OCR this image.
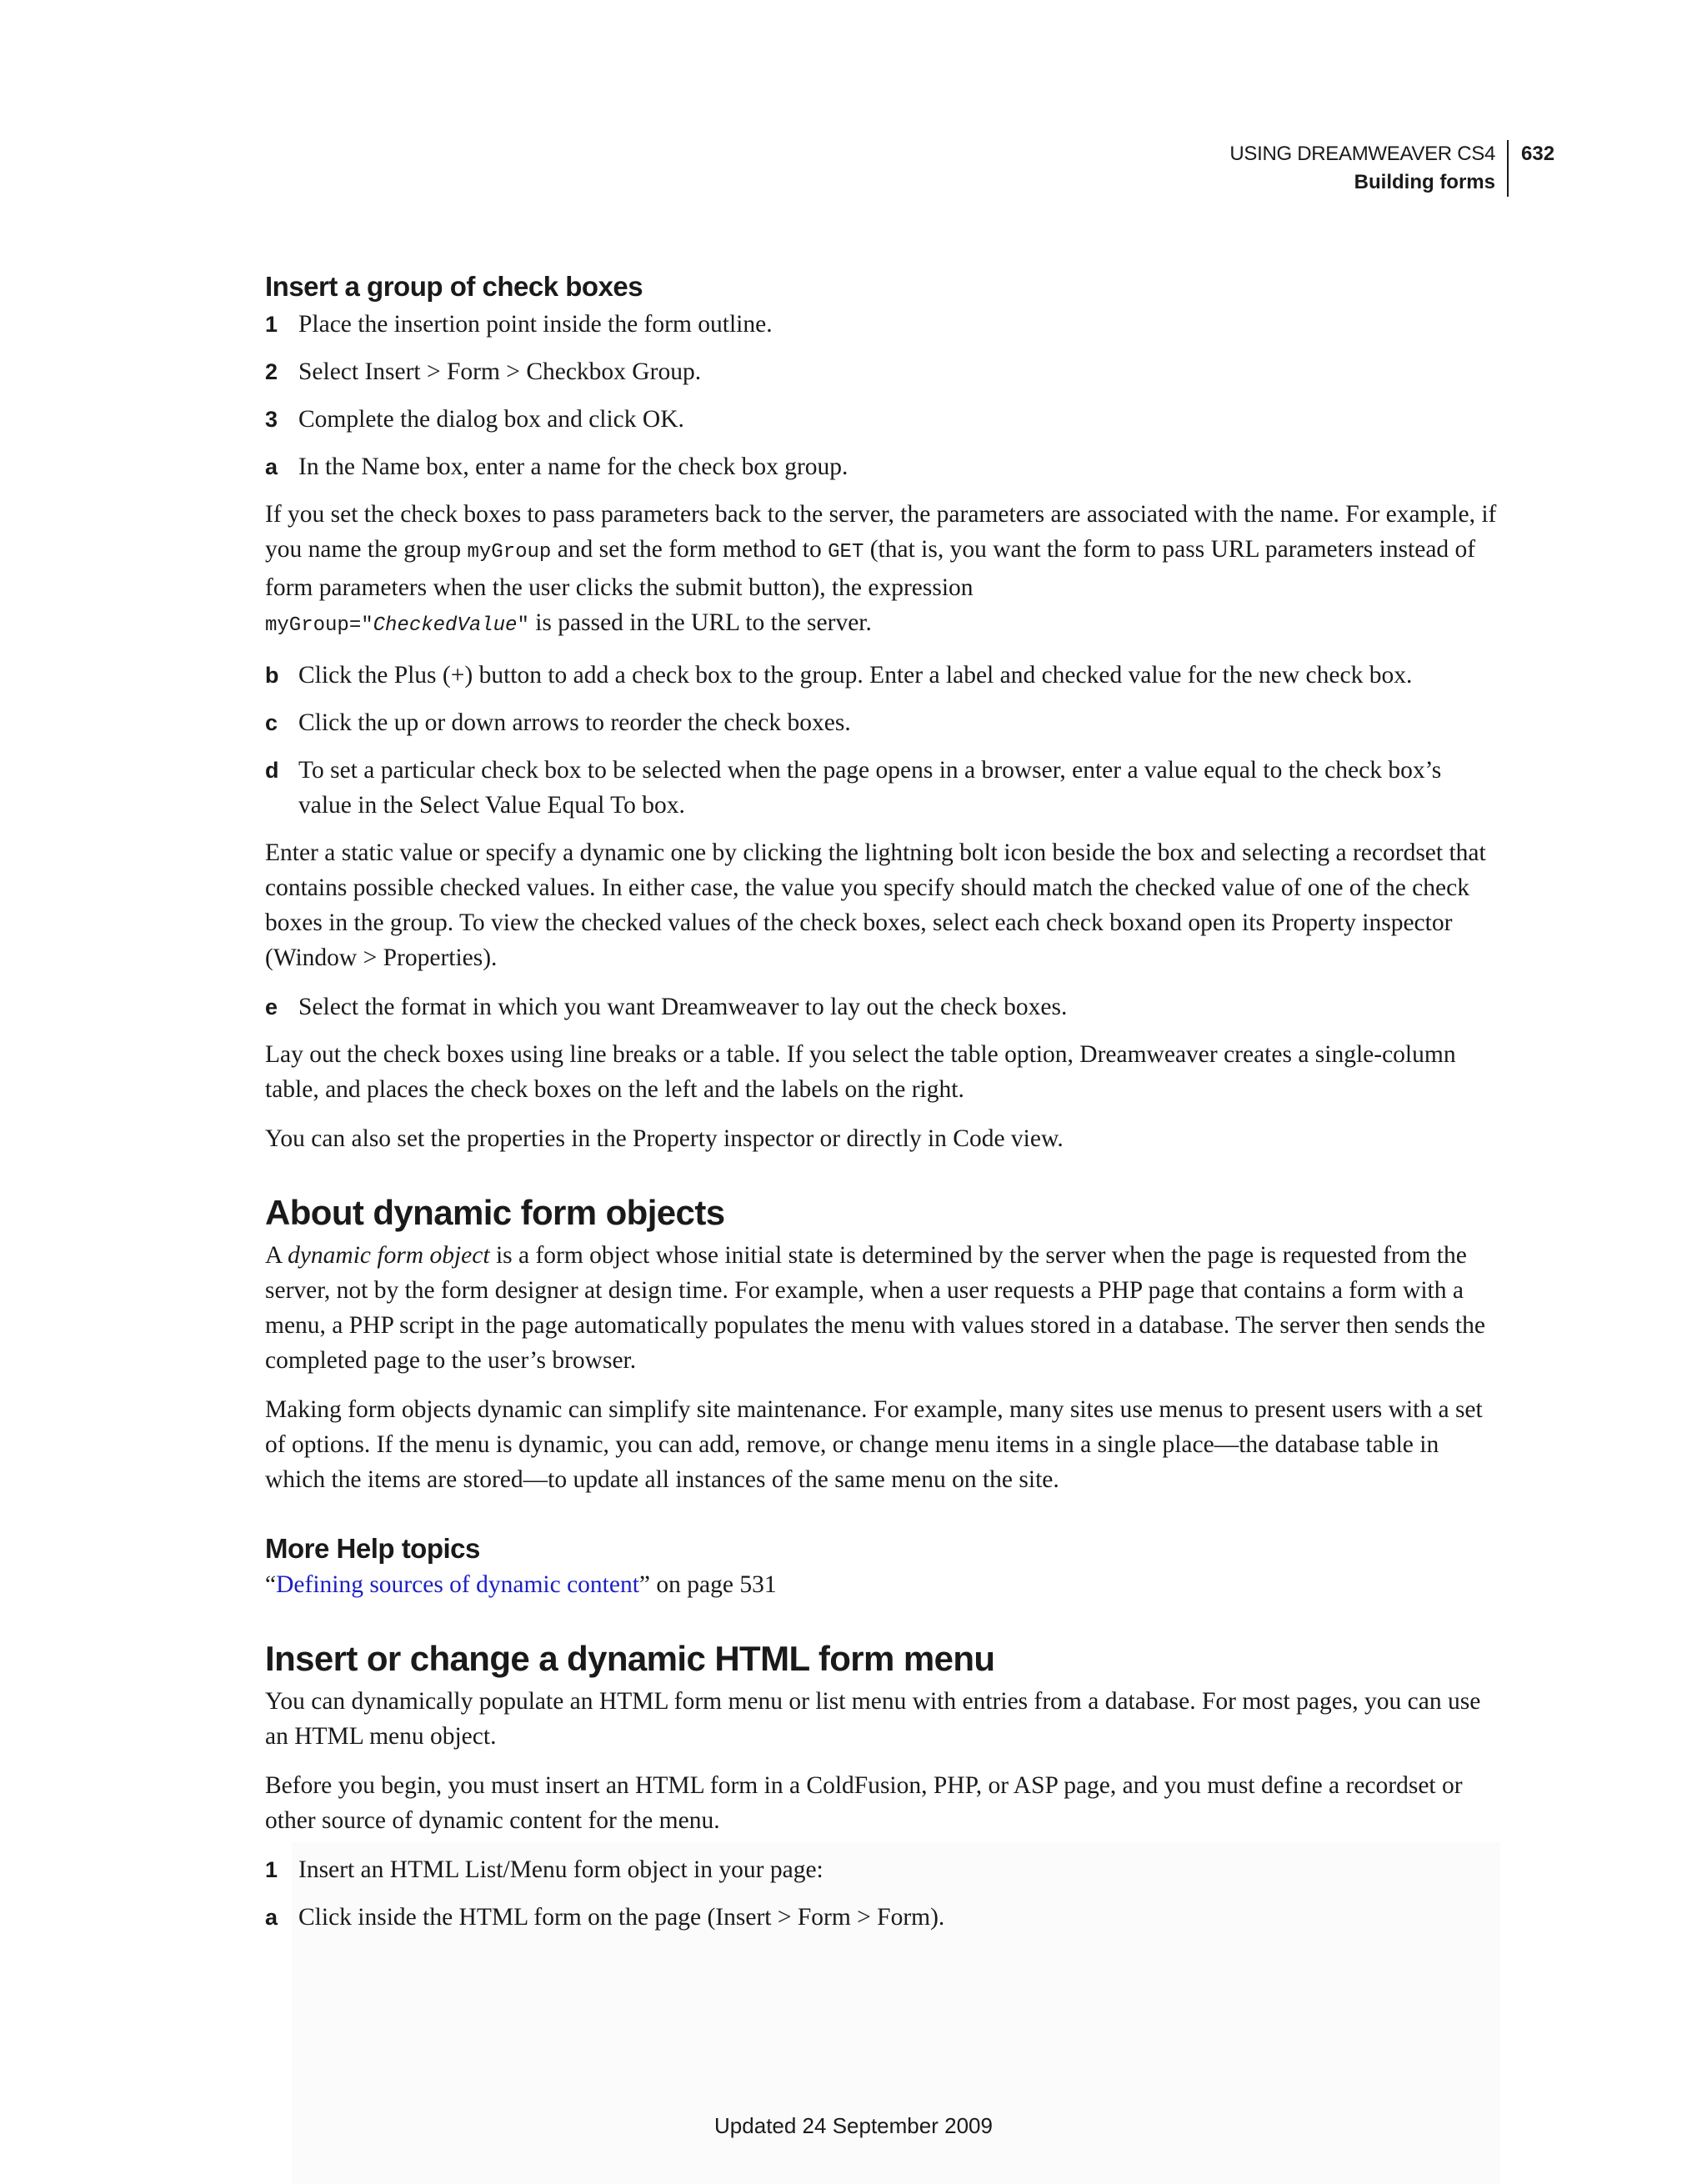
USING DREAMWEAVER CS4
Building forms
632
Insert a group of check boxes
1 Place the insertion point inside the form outline.
2 Select Insert > Form > Checkbox Group.
3 Complete the dialog box and click OK.
a In the Name box, enter a name for the check box group.

If you set the check boxes to pass parameters back to the server, the parameters are associated with the name. For example, if you name the group myGroup and set the form method to GET (that is, you want the form to pass URL parameters instead of form parameters when the user clicks the submit button), the expression
myGroup="CheckedValue" is passed in the URL to the server.

b Click the Plus (+) button to add a check box to the group. Enter a label and checked value for the new check box.
c Click the up or down arrows to reorder the check boxes.
d To set a particular check box to be selected when the page opens in a browser, enter a value equal to the check box’s value in the Select Value Equal To box.

Enter a static value or specify a dynamic one by clicking the lightning bolt icon beside the box and selecting a recordset that contains possible checked values. In either case, the value you specify should match the checked value of one of the check boxes in the group. To view the checked values of the check boxes, select each check boxand open its Property inspector (Window > Properties).

e Select the format in which you want Dreamweaver to lay out the check boxes.

Lay out the check boxes using line breaks or a table. If you select the table option, Dreamweaver creates a single-column table, and places the check boxes on the left and the labels on the right.

You can also set the properties in the Property inspector or directly in Code view.

About dynamic form objects

A dynamic form object is a form object whose initial state is determined by the server when the page is requested from the server, not by the form designer at design time. For example, when a user requests a PHP page that contains a form with a menu, a PHP script in the page automatically populates the menu with values stored in a database. The server then sends the completed page to the user’s browser.

Making form objects dynamic can simplify site maintenance. For example, many sites use menus to present users with a set of options. If the menu is dynamic, you can add, remove, or change menu items in a single place—the database table in which the items are stored—to update all instances of the same menu on the site.

More Help topics

“Defining sources of dynamic content” on page 531

Insert or change a dynamic HTML form menu

You can dynamically populate an HTML form menu or list menu with entries from a database. For most pages, you can use an HTML menu object.

Before you begin, you must insert an HTML form in a ColdFusion, PHP, or ASP page, and you must define a recordset or other source of dynamic content for the menu.

1 Insert an HTML List/Menu form object in your page:
a Click inside the HTML form on the page (Insert > Form > Form).
Updated 24 September 2009
